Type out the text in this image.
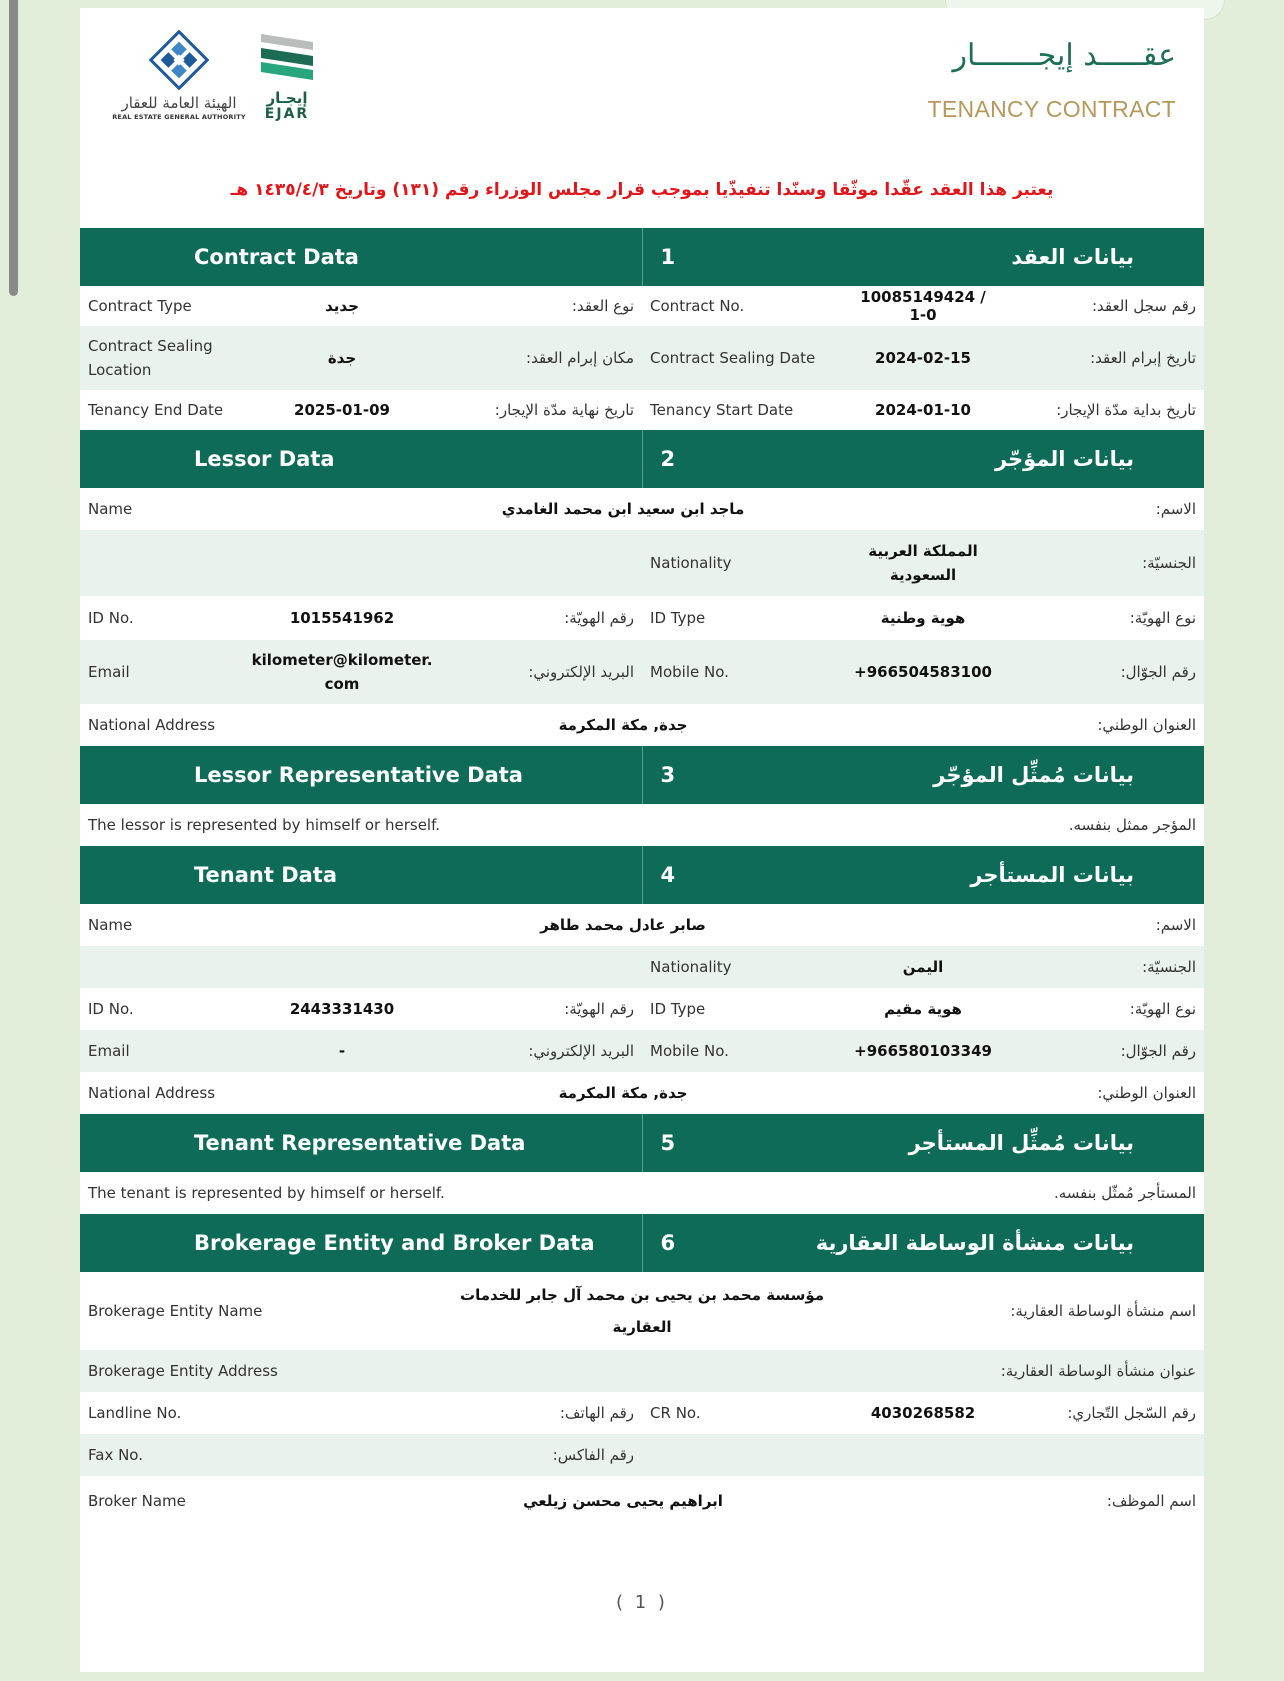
الهيئة العامة للعقار
REAL ESTATE GENERAL AUTHORITY
إيجـار
EJAR
عقـــــد إيجـــــــار
TENANCY CONTRACT
يعتبر هذا العقد عقّدا موثّقا وسنّدا تنفيذّيا بموجب قرار مجلس الوزراء رقم (١٣١) وتاريخ ١٤٣٥/٤/٣ هـ
Contract Data			بيانات العقد
1		

Contract Type	جديد	نوع العقد:	Contract No.	10085149424 / 1-0	رقم سجل العقد:
Contract Sealing Location	جدة	مكان إبرام العقد:	Contract Sealing Date	2024-02-15	تاريخ إبرام العقد:
Tenancy End Date	2025-01-09	تاريخ نهاية مدّة الإيجار:	Tenancy Start Date	2024-01-10	تاريخ بداية مدّة الإيجار:
Lessor Data			بيانات المؤجّر
2		

Name	ماجد ابن سعيد ابن محمد الغامدي				الاسم:
			Nationality	المملكة العربية السعودية	الجنسيّة:
ID No.	1015541962	رقم الهويّة:	ID Type	هوية وطنية	نوع الهويّة:
Email	kilometer@kilometer.com	البريد الإلكتروني:	Mobile No.	+966504583100	رقم الجوّال:
National Address	جدة, مكة المكرمة				العنوان الوطني:
Lessor Representative Data			بيانات مُمثِّل المؤجّر
3		

The lessor is represented by himself or herself.			المؤجر ممثل بنفسه.		
Tenant Data			بيانات المستأجر
4		

Name	صابر عادل محمد طاهر				الاسم:
			Nationality	اليمن	الجنسيّة:
ID No.	2443331430	رقم الهويّة:	ID Type	هوية مقيم	نوع الهويّة:
Email	-	البريد الإلكتروني:	Mobile No.	+966580103349	رقم الجوّال:
National Address	جدة, مكة المكرمة				العنوان الوطني:
Tenant Representative Data			بيانات مُمثِّل المستأجر
5		

The tenant is represented by himself or herself.			المستأجر مُمثّل بنفسه.		
Brokerage Entity and Broker Data			بيانات منشأة الوساطة العقارية
6		

Brokerage Entity Name		مؤسسة محمد بن يحيى بن محمد آل جابر للخدمات العقارية		اسم منشأة الوساطة العقارية:	
Brokerage Entity Address			عنوان منشأة الوساطة العقارية:		
Landline No.		رقم الهاتف:	CR No.	4030268582	رقم السّجل التّجاري:
Fax No.		رقم الفاكس:			
Broker Name	ابراهيم يحيى محسن زيلعي				اسم الموظف:
( 1 )
